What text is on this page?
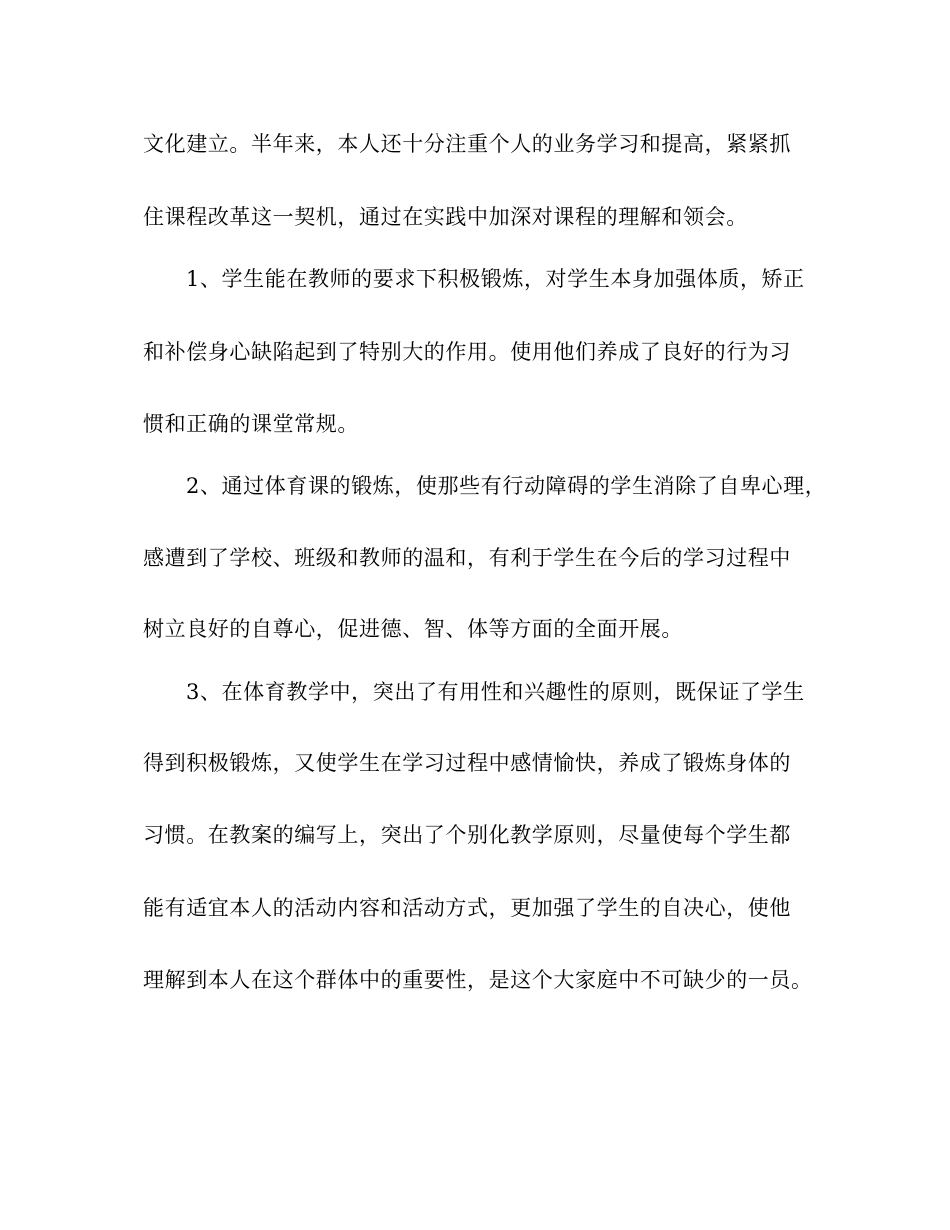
文化建立。半年来，本人还十分注重个人的业务学习和提高，紧紧抓
住课程改革这一契机，通过在实践中加深对课程的理解和领会。
1、学生能在教师的要求下积极锻炼，对学生本身加强体质，矫正
和补偿身心缺陷起到了特别大的作用。使用他们养成了良好的行为习
惯和正确的课堂常规。
2、通过体育课的锻炼，使那些有行动障碍的学生消除了自卑心理，
感遭到了学校、班级和教师的温和，有利于学生在今后的学习过程中
树立良好的自尊心，促进德、智、体等方面的全面开展。
3、在体育教学中，突出了有用性和兴趣性的原则，既保证了学生
得到积极锻炼，又使学生在学习过程中感情愉快，养成了锻炼身体的
习惯。在教案的编写上，突出了个别化教学原则，尽量使每个学生都
能有适宜本人的活动内容和活动方式，更加强了学生的自决心，使他
理解到本人在这个群体中的重要性，是这个大家庭中不可缺少的一员。
